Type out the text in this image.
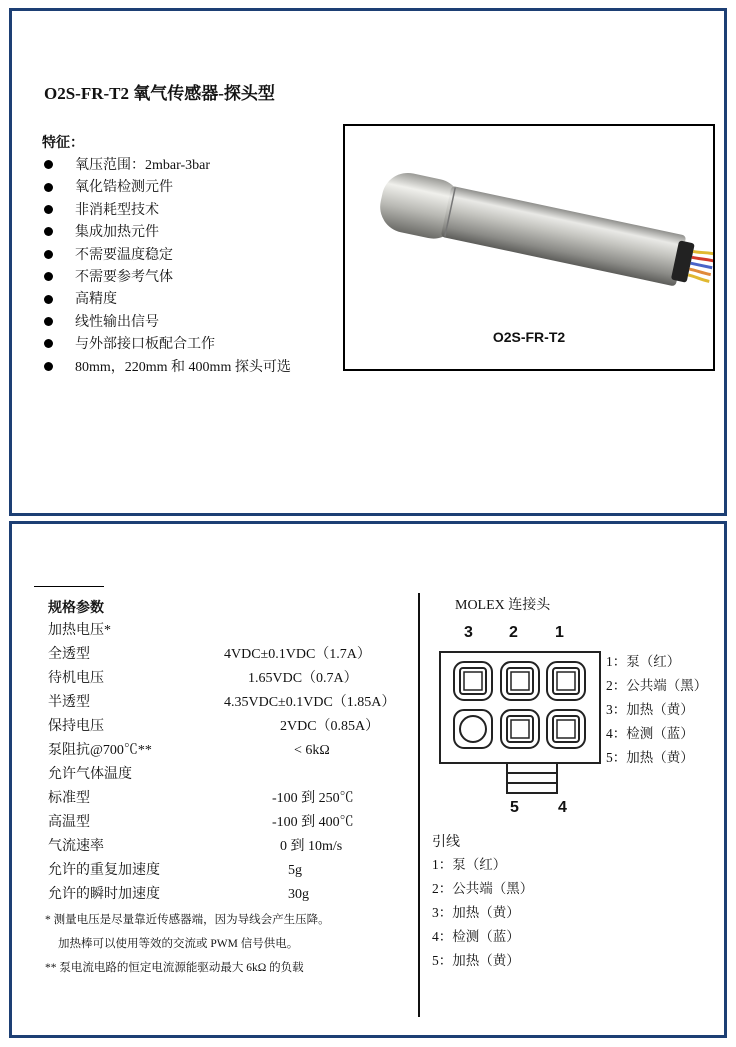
O2S-FR-T2 氧气传感器-探头型
特征：
氧压范围：2mbar-3bar
氧化锆检测元件
非消耗型技术
集成加热元件
不需要温度稳定
不需要参考气体
高精度
线性输出信号
与外部接口板配合工作
80mm，220mm 和 400mm 探头可选
O2S-FR-T2
规格参数
加热电压*
全透型	4VDC±0.1VDC（1.7A）
待机电压	1.65VDC（0.7A）
半透型	4.35VDC±0.1VDC（1.85A）
保持电压	2VDC（0.85A）
泵阻抗@700℃**	< 6kΩ
允许气体温度
标准型	-100 到 250℃
高温型	-100 到 400℃
气流速率	0 到 10m/s
允许的重复加速度	5g
允许的瞬时加速度	30g
* 测量电压是尽量靠近传感器端，因为导线会产生压降。
加热棒可以使用等效的交流或 PWM 信号供电。
** 泵电流电路的恒定电流源能驱动最大 6kΩ 的负载
MOLEX 连接头
3 2 1
5 4
1：泵（红）
2：公共端（黑）
3：加热（黄）
4：检测（蓝）
5：加热（黄）
引线
1：泵（红）
2：公共端（黑）
3：加热（黄）
4：检测（蓝）
5：加热（黄）
